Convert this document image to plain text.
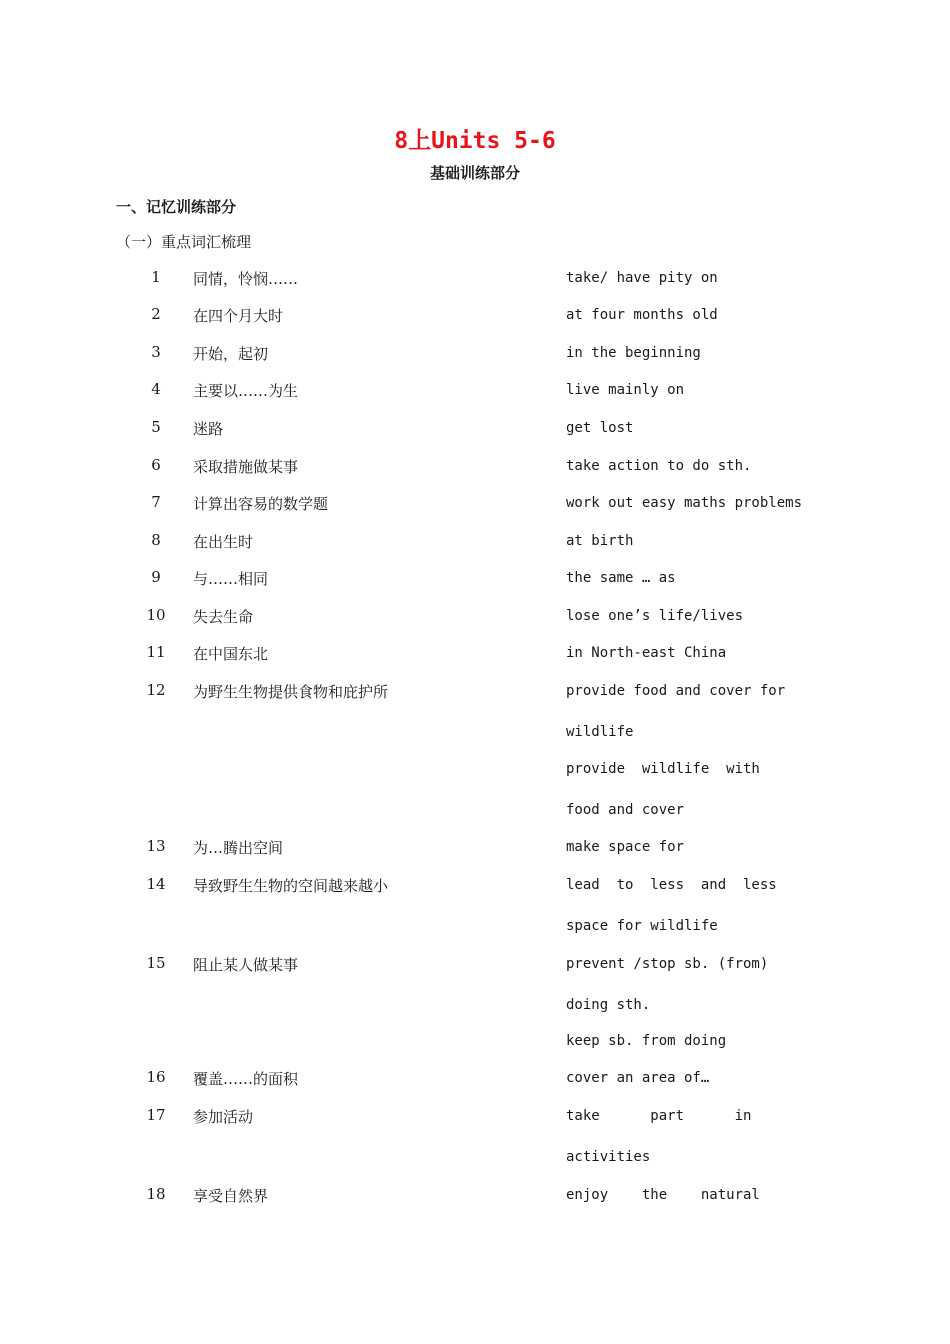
8上Units 5-6
基础训练部分
一、记忆训练部分
（一）重点词汇梳理
1	同情，怜悯……	take/ have pity on
2	在四个月大时	at four months old
3	开始，起初	in the beginning
4	主要以……为生	live mainly on
5	迷路	get lost
6	采取措施做某事	take action to do sth.
7	计算出容易的数学题	work out easy maths problems
8	在出生时	at birth
9	与……相同	the same … as
10	失去生命	lose one’s life/lives
11	在中国东北	in North-east China
12	为野生生物提供食物和庇护所	provide food and cover for
wildlife
provide  wildlife  with
food and cover
13	为…腾出空间	make space for
14	导致野生生物的空间越来越小	lead  to  less  and  less
space for wildlife
15	阻止某人做某事	prevent /stop sb. (from)
doing sth.
keep sb. from doing
16	覆盖……的面积	cover an area of…
17	参加活动	take      part      in
activities
18	享受自然界	enjoy    the    natural
